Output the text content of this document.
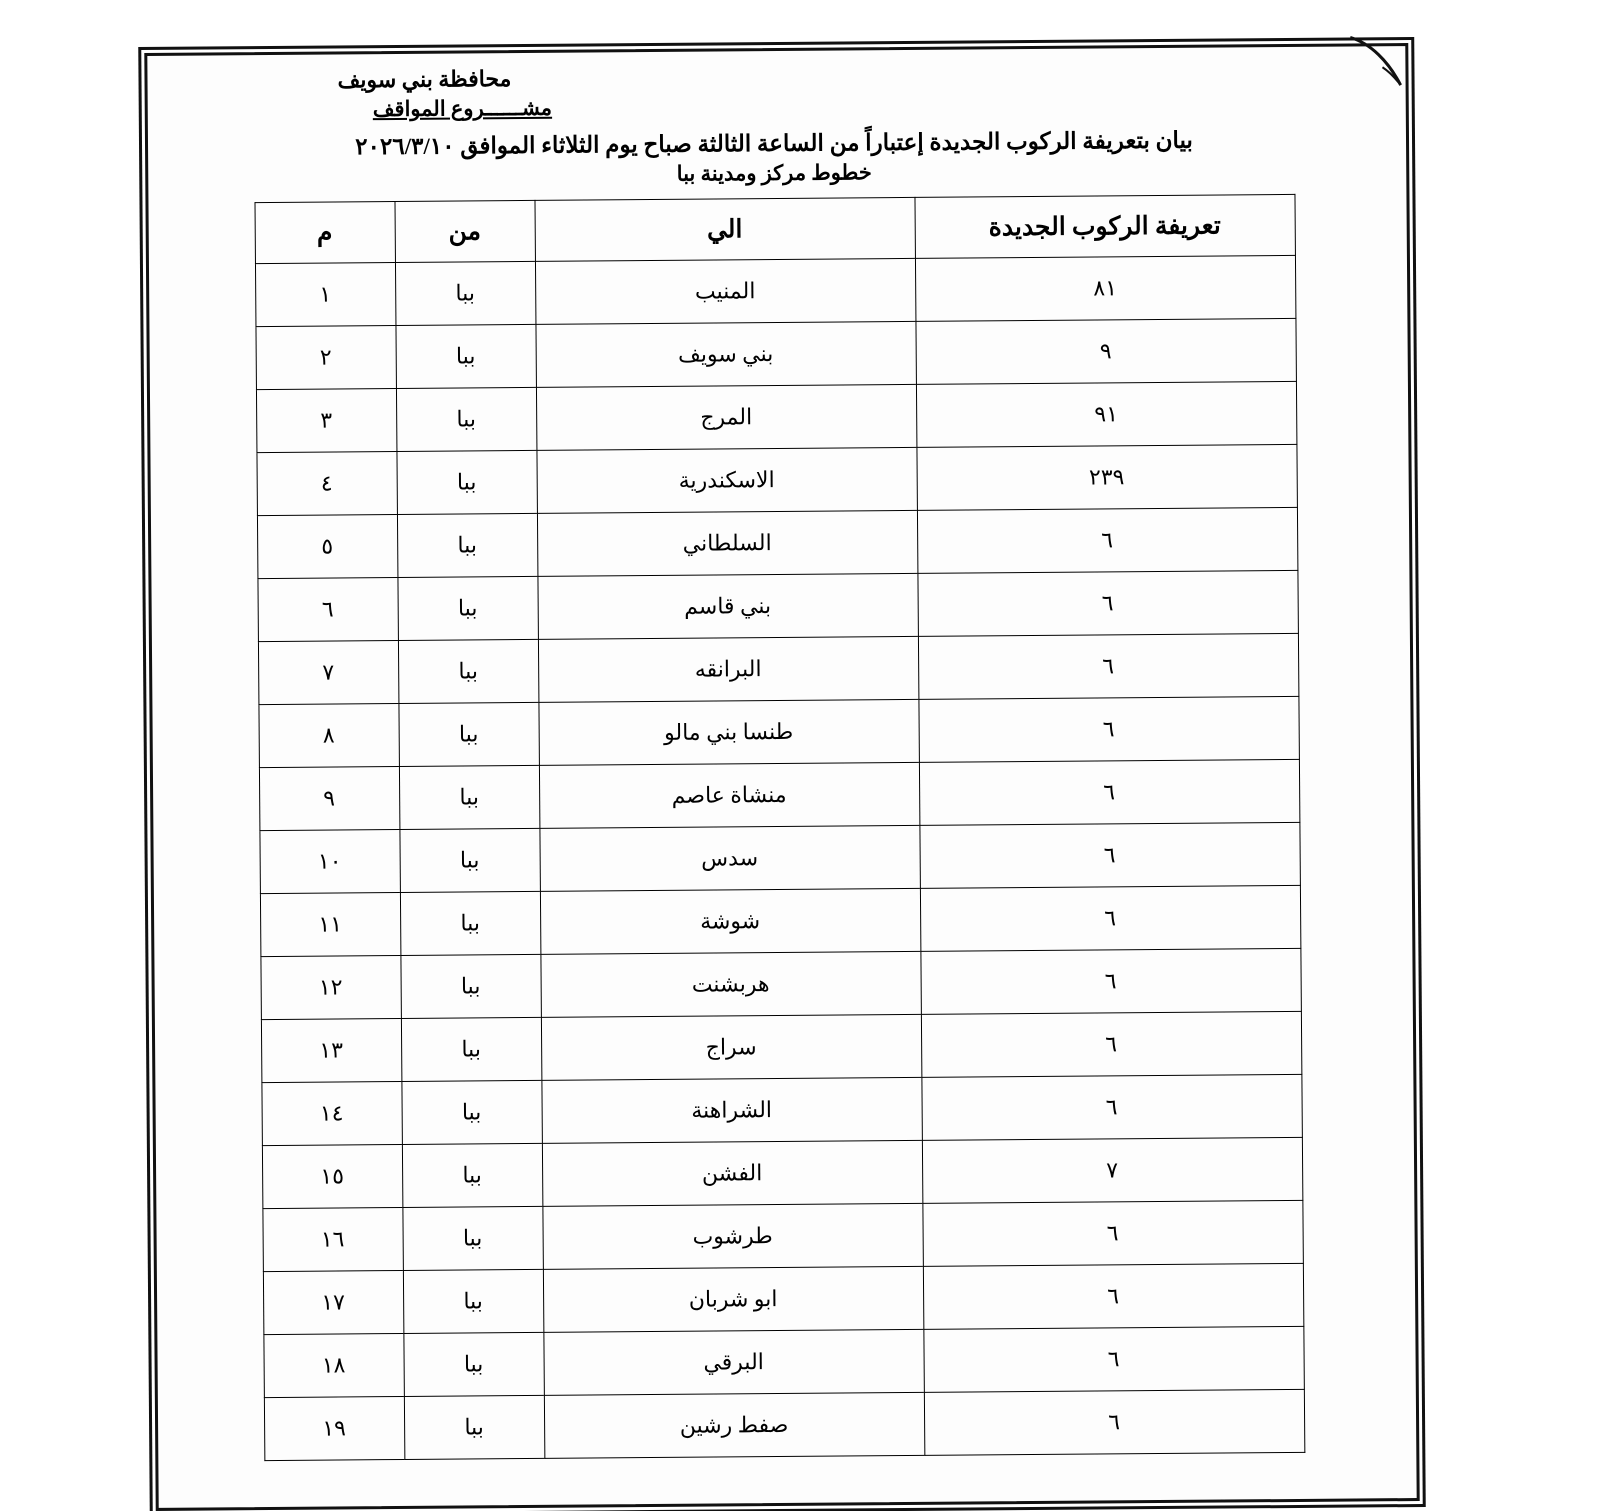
محافظة بني سويف
مشــــــروع المواقف
بيان بتعريفة الركوب الجديدة إعتباراً من الساعة الثالثة صباح يوم الثلاثاء الموافق ٢٠٢٦/٣/١٠
خطوط مركز ومدينة ببا
تعريفة الركوب الجديدة	الي	من	م
٨١	المنيب	ببا	١
٩	بني سويف	ببا	٢
٩١	المرج	ببا	٣
٢٣٩	الاسكندرية	ببا	٤
٦	السلطاني	ببا	٥
٦	بني قاسم	ببا	٦
٦	البرانقه	ببا	٧
٦	طنسا بني مالو	ببا	٨
٦	منشاة عاصم	ببا	٩
٦	سدس	ببا	١٠
٦	شوشة	ببا	١١
٦	هربشنت	ببا	١٢
٦	سراج	ببا	١٣
٦	الشراهنة	ببا	١٤
٧	الفشن	ببا	١٥
٦	طرشوب	ببا	١٦
٦	ابو شربان	ببا	١٧
٦	البرقي	ببا	١٨
٦	صفط رشين	ببا	١٩
